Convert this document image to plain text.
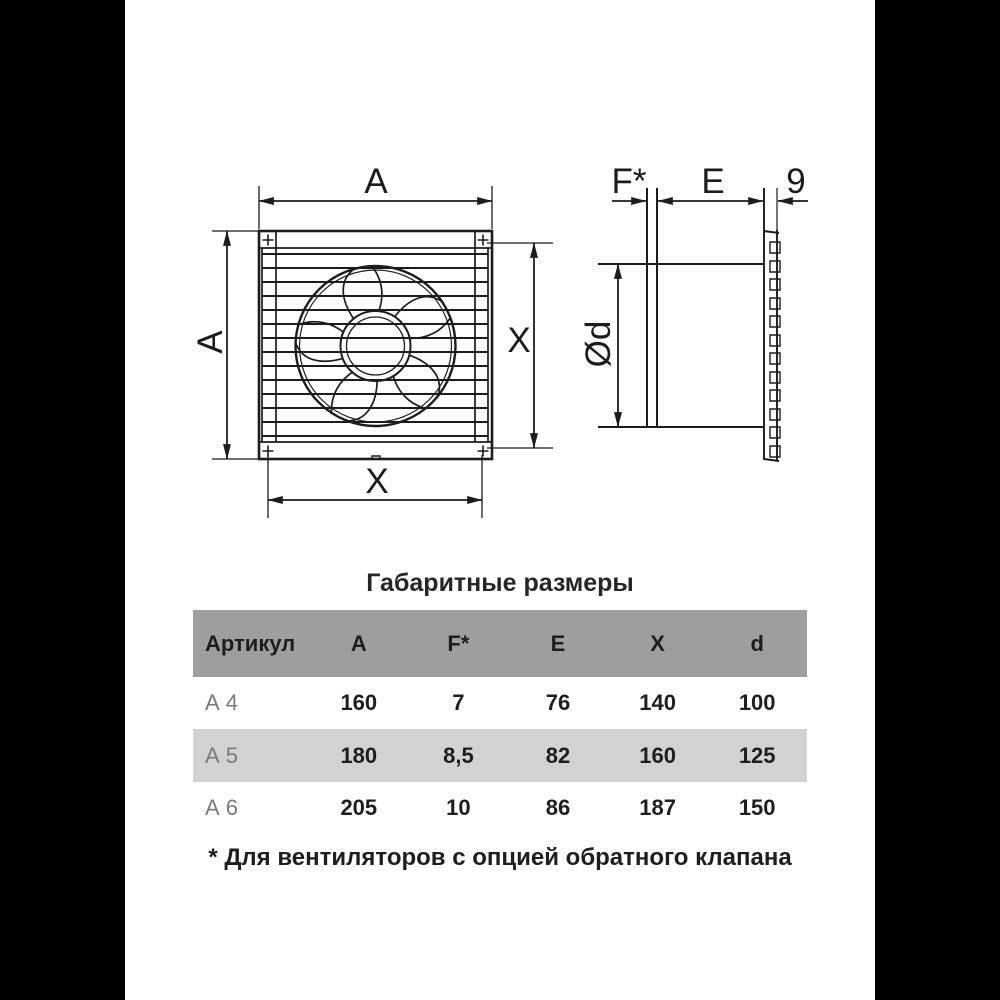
A
A	X
X
F* E 9
Ød
Габаритные размеры
Артикул	A	F*	E	X	d
А 4	160	7	76	140	100
А 5	180	8,5	82	160	125
А 6	205	10	86	187	150
* Для вентиляторов с опцией обратного клапана
